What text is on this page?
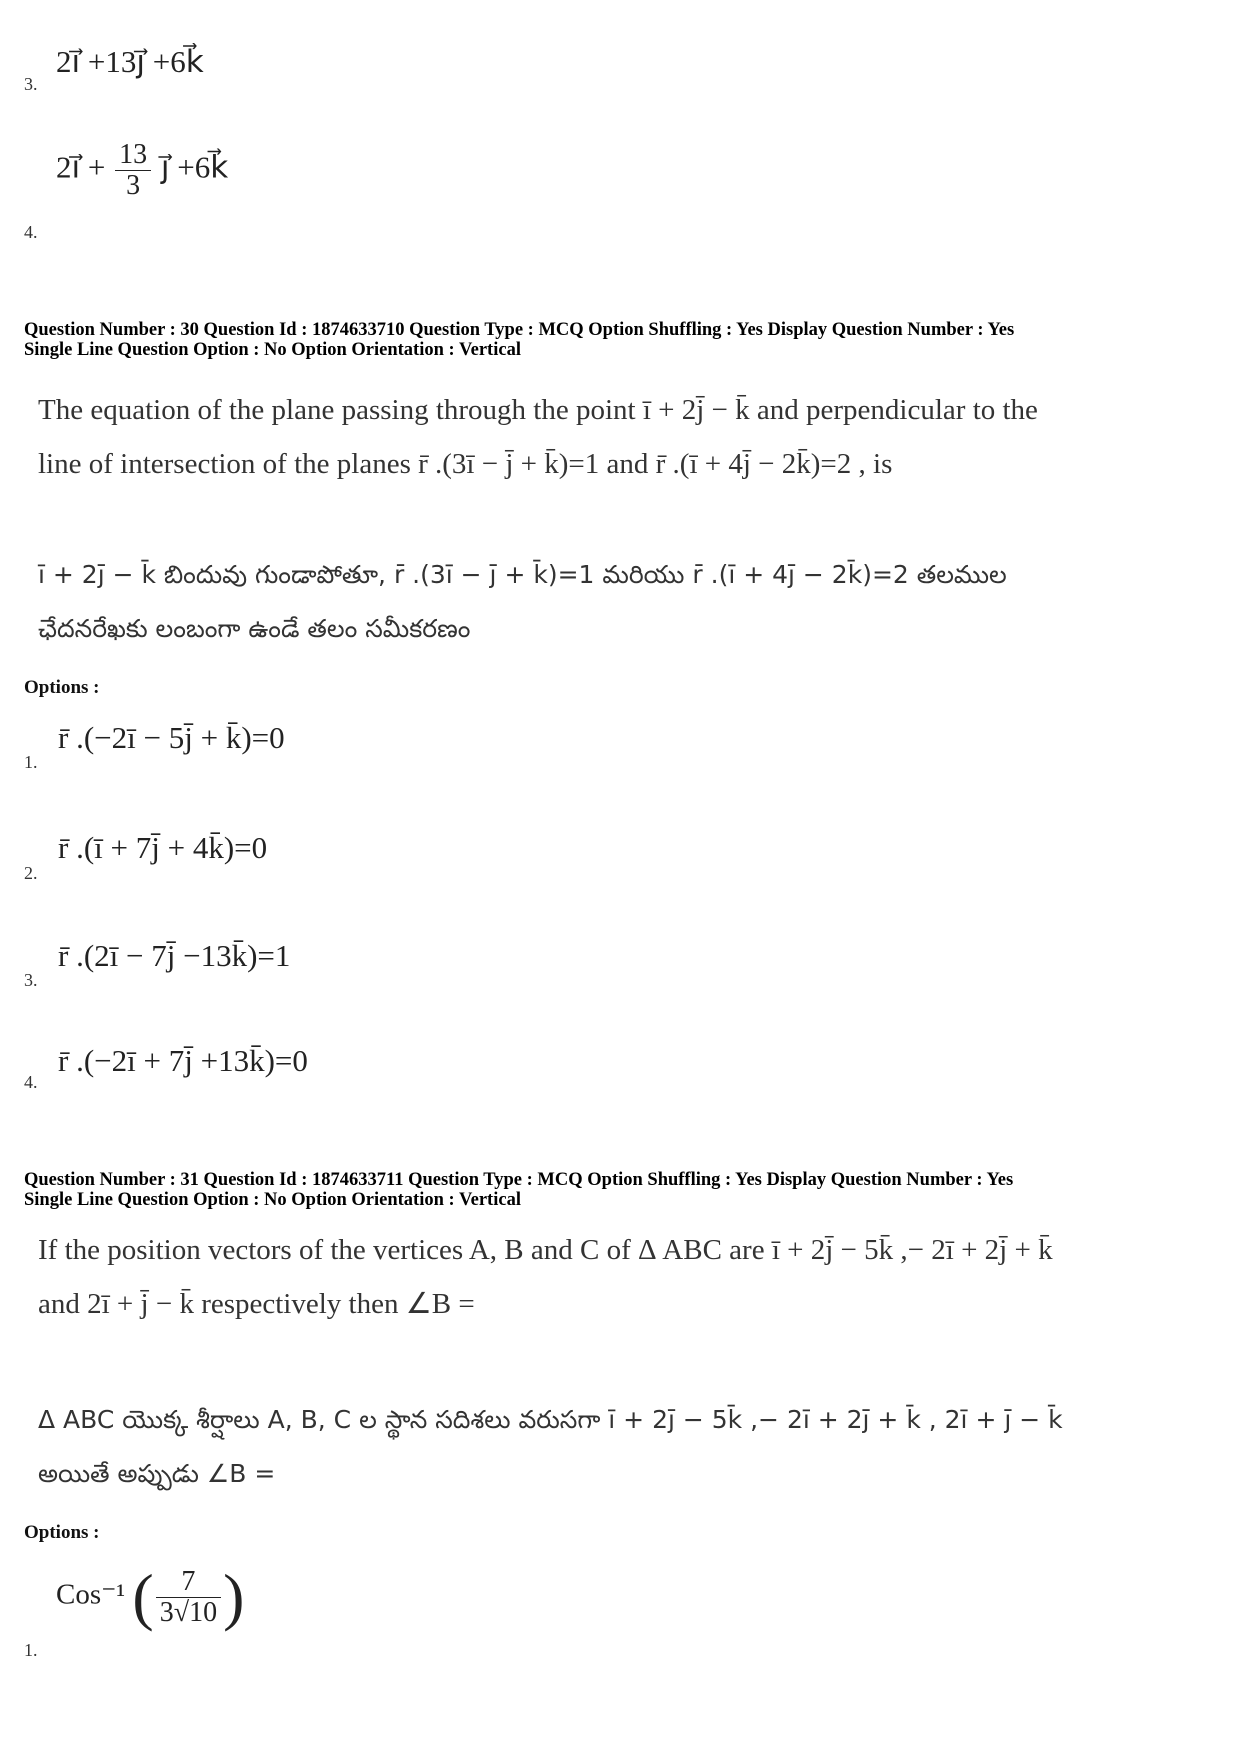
2i⃗ +13j⃗ +6k⃗
3.
2i⃗ + $\frac{13}{3}$ j⃗ +6k⃗
4.
Question Number : 30 Question Id : 1874633710 Question Type : MCQ Option Shuffling : Yes Display Question Number : Yes
Single Line Question Option : No Option Orientation : Vertical
The equation of the plane passing through the point ī + 2j̄ − k̄ and perpendicular to the
line of intersection of the planes r̄ .(3ī − j̄ + k̄)=1 and r̄ .(ī + 4j̄ − 2k̄)=2 , is
ī + 2j̄ − k̄ బిందువు గుండాపోతూ, r̄ .(3ī − j̄ + k̄)=1 మరియు r̄ .(ī + 4j̄ − 2k̄)=2 తలముల
ఛేదనరేఖకు లంబంగా ఉండే తలం సమీకరణం
Options :
r̄ .(−2ī − 5j̄ + k̄)=0
1.
r̄ .(ī + 7j̄ + 4k̄)=0
2.
r̄ .(2ī − 7j̄ −13k̄)=1
3.
r̄ .(−2ī + 7j̄ +13k̄)=0
4.
Question Number : 31 Question Id : 1874633711 Question Type : MCQ Option Shuffling : Yes Display Question Number : Yes
Single Line Question Option : No Option Orientation : Vertical
If the position vectors of the vertices A, B and C of Δ ABC are ī + 2j̄ − 5k̄ ,− 2ī + 2j̄ + k̄
and 2ī + j̄ − k̄ respectively then ∠B =
Δ ABC యొక్క శీర్షాలు A, B, C ల స్థాన సదిశలు వరుసగా ī + 2j̄ − 5k̄ ,− 2ī + 2j̄ + k̄ , 2ī + j̄ − k̄
అయితే అప్పుడు ∠B =
Options :
Cos⁻¹ ( $\frac{7}{3√10}$ )
1.
